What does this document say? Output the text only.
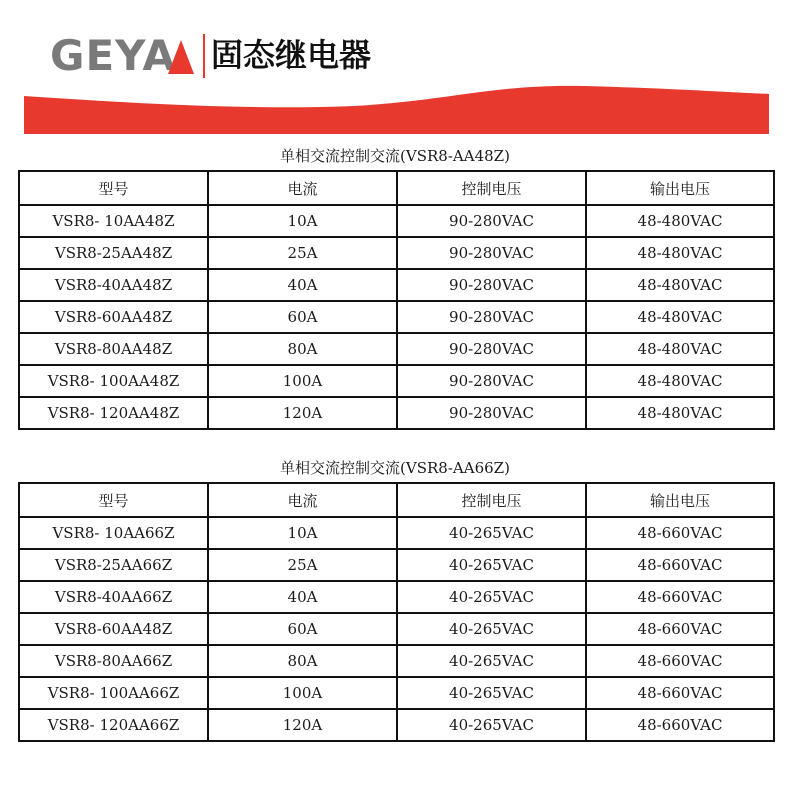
GEYA 固态继电器
单相交流控制交流(VSR8-AA48Z)
型号	电流	控制电压	输出电压
VSR8- 10AA48Z	10A	90-280VAC	48-480VAC
VSR8-25AA48Z	25A	90-280VAC	48-480VAC
VSR8-40AA48Z	40A	90-280VAC	48-480VAC
VSR8-60AA48Z	60A	90-280VAC	48-480VAC
VSR8-80AA48Z	80A	90-280VAC	48-480VAC
VSR8- 100AA48Z	100A	90-280VAC	48-480VAC
VSR8- 120AA48Z	120A	90-280VAC	48-480VAC
单相交流控制交流(VSR8-AA66Z)
型号	电流	控制电压	输出电压
VSR8- 10AA66Z	10A	40-265VAC	48-660VAC
VSR8-25AA66Z	25A	40-265VAC	48-660VAC
VSR8-40AA66Z	40A	40-265VAC	48-660VAC
VSR8-60AA48Z	60A	40-265VAC	48-660VAC
VSR8-80AA66Z	80A	40-265VAC	48-660VAC
VSR8- 100AA66Z	100A	40-265VAC	48-660VAC
VSR8- 120AA66Z	120A	40-265VAC	48-660VAC
